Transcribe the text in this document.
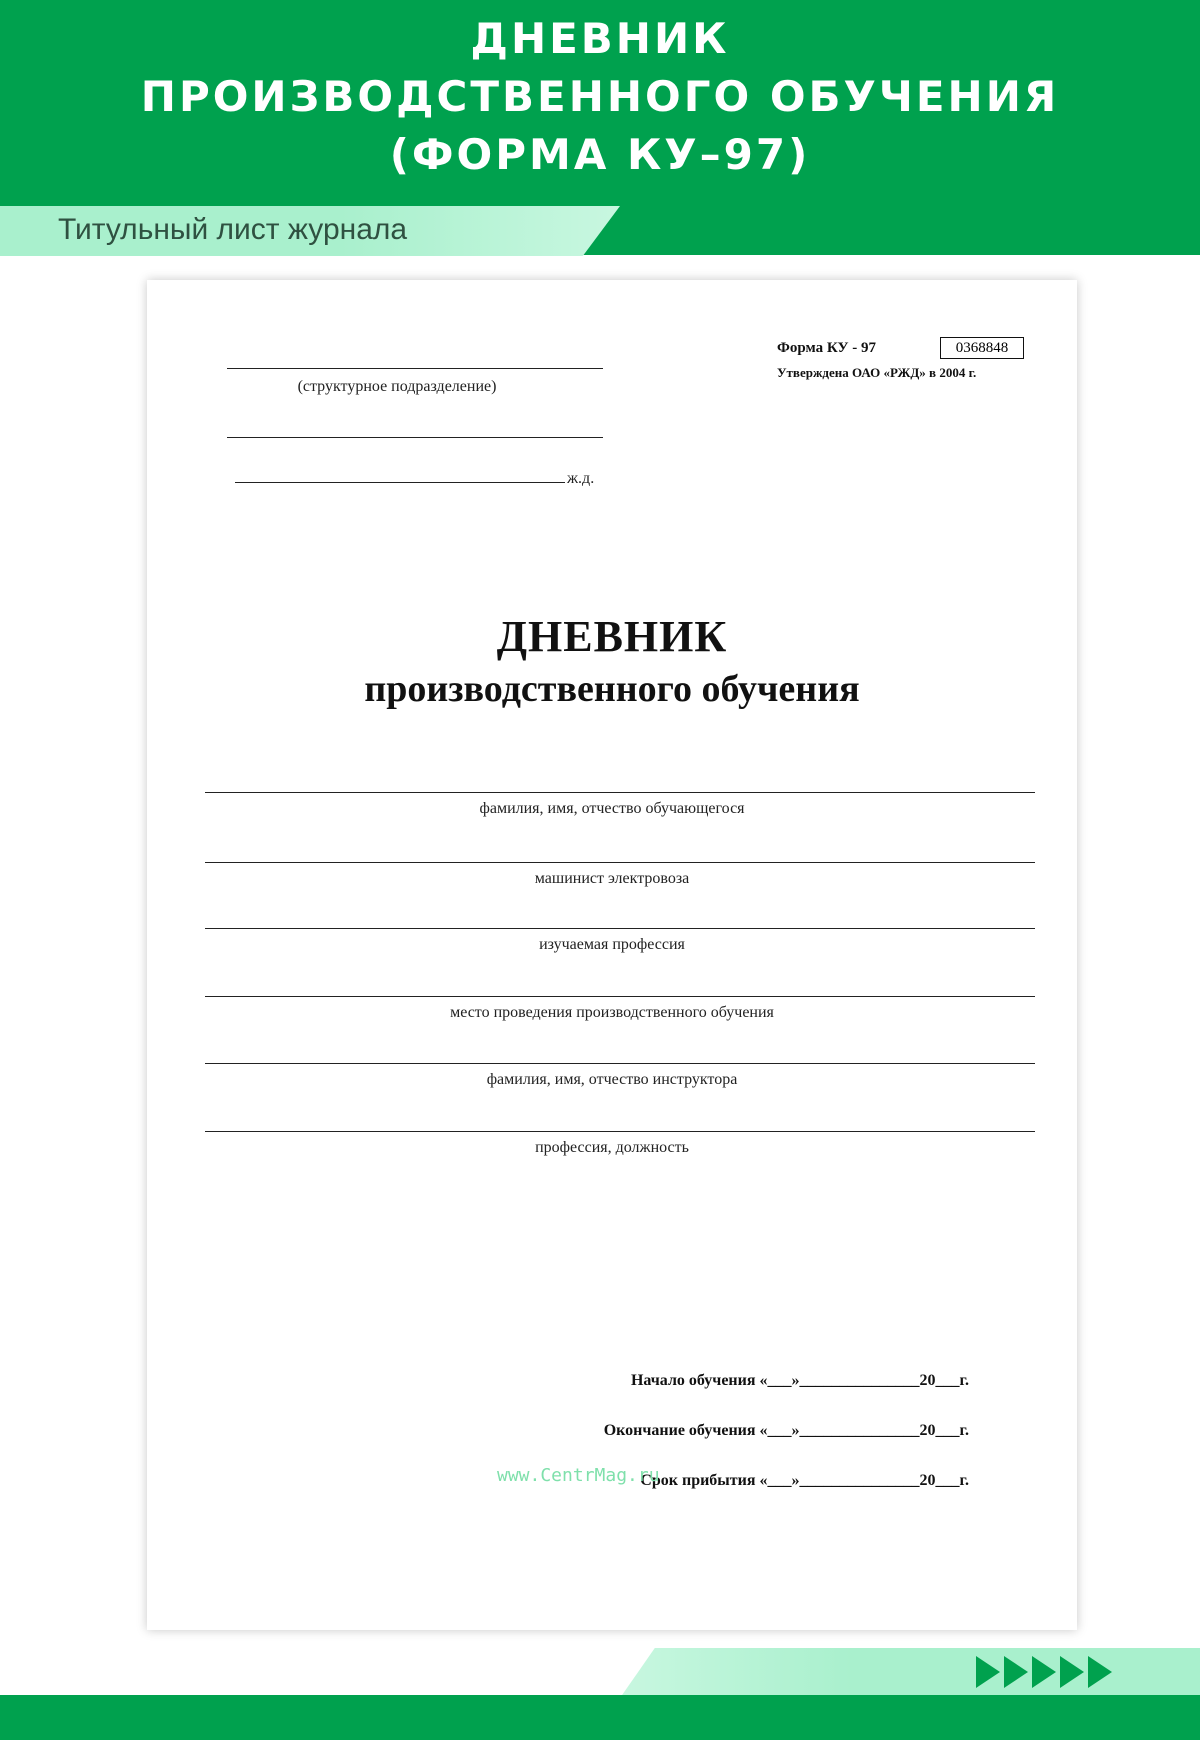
ДНЕВНИК
ПРОИЗВОДСТВЕННОГО ОБУЧЕНИЯ
(ФОРМА КУ–97)
Титульный лист журнала
(структурное подразделение)
ж.д.
Форма КУ - 97	0368848
Утверждена ОАО «РЖД» в 2004 г.
ДНЕВНИК
производственного обучения
фамилия, имя, отчество обучающегося
машинист электровоза
изучаемая профессия
место проведения производственного обучения
фамилия, имя, отчество инструктора
профессия, должность
Начало обучения «___»_______________20___г.
Окончание обучения «___»_______________20___г.
Срок прибытия «___»_______________20___г.
www.CentrMag.ru
